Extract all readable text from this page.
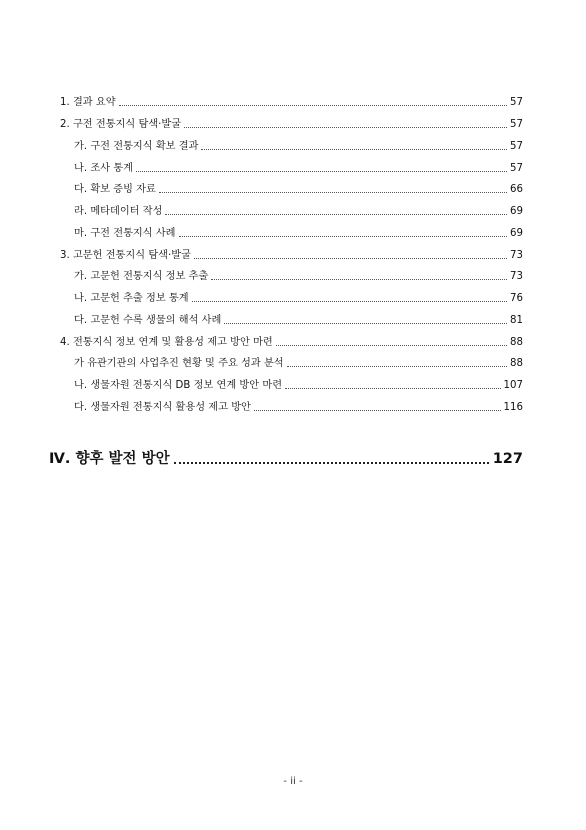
1. 결과 요약	57
2. 구전 전통지식 탐색·발굴	57
가. 구전 전통지식 확보 결과	57
나. 조사 통계	57
다. 확보 증빙 자료	66
라. 메타데이터 작성	69
마. 구전 전통지식 사례	69
3. 고문헌 전통지식 탐색·발굴	73
가. 고문헌 전통지식 정보 추출	73
나. 고문헌 추출 정보 통계	76
다. 고문헌 수록 생물의 해석 사례	81
4. 전통지식 정보 연계 및 활용성 제고 방안 마련	88
가 유관기관의 사업추진 현황 및 주요 성과 분석	88
나. 생물자원 전통지식 DB 정보 연계 방안 마련	107
다. 생물자원 전통지식 활용성 제고 방안	116
Ⅳ. 향후 발전 방안	127
- ii -
